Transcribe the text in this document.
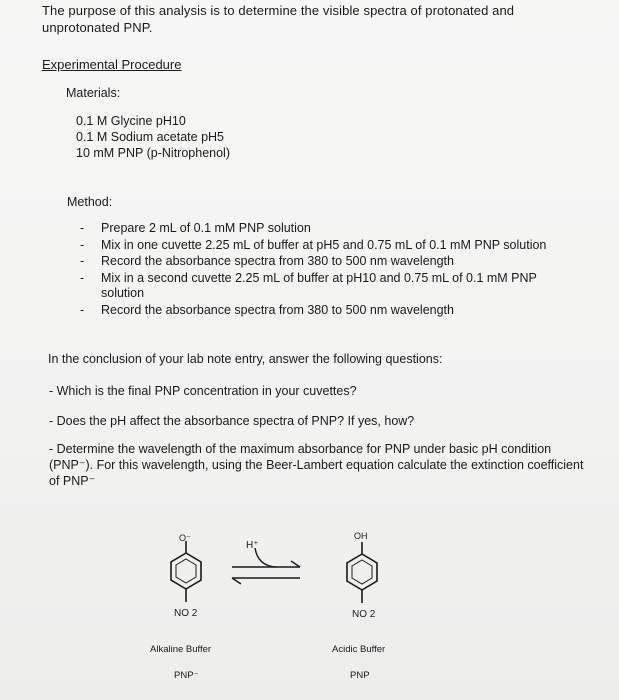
The purpose of this analysis is to determine the visible spectra of protonated and unprotonated PNP.
Experimental Procedure
Materials:
0.1 M Glycine pH10
0.1 M Sodium acetate pH5
10 mM PNP (p-Nitrophenol)
Method:
- Prepare 2 mL of 0.1 mM PNP solution
- Mix in one cuvette 2.25 mL of buffer at pH5 and 0.75 mL of 0.1 mM PNP solution
- Record the absorbance spectra from 380 to 500 nm wavelength
- Mix in a second cuvette 2.25 mL of buffer at pH10 and 0.75 mL of 0.1 mM PNP solution
- Record the absorbance spectra from 380 to 500 nm wavelength
In the conclusion of your lab note entry, answer the following questions:
- Which is the final PNP concentration in your cuvettes?
- Does the pH affect the absorbance spectra of PNP? If yes, how?
- Determine the wavelength of the maximum absorbance for PNP under basic pH condition (PNP⁻). For this wavelength, using the Beer-Lambert equation calculate the extinction coefficient of PNP⁻
O⁻
NO 2
H⁺
OH
NO 2
Alkaline Buffer
PNP⁻
Acidic Buffer
PNP
